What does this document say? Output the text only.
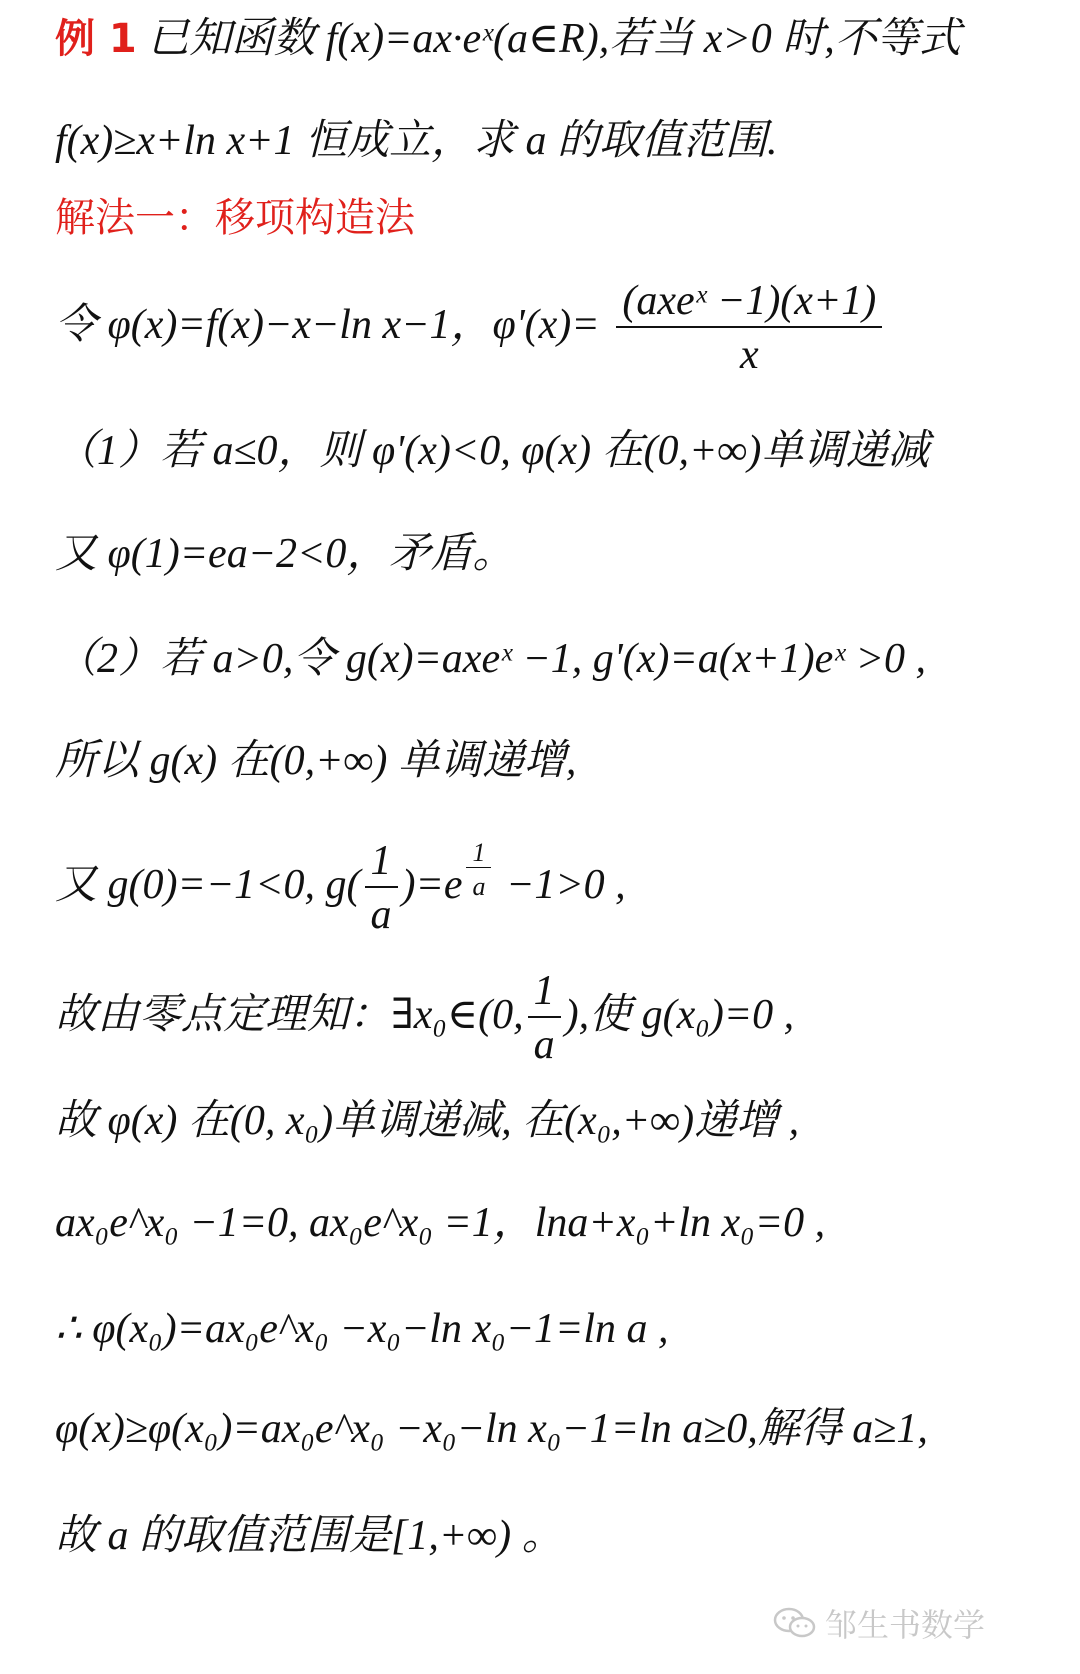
例 1 已知函数 f(x)=ax·eˣ(a∈R),若当 x>0 时,不等式
f(x)≥x+ln x+1 恒成立，求 a 的取值范围.
解法一：移项构造法
令 φ(x)=f(x)−x−ln x−1，$\varphi'(x)= \frac{\text{(axeˣ −1)(x+1)}}{x}$
（1）若 a≤0，则 φ'(x)<0, φ(x) 在(0,+∞)单调递减
又 φ(1)=ea−2<0，矛盾。
（2）若 a>0,令 g(x)=axeˣ −1, g'(x)=a(x+1)eˣ >0 ,
所以 g(x) 在(0,+∞) 单调递增,
又 g(0)=−1<0, $g( \frac{1}{a} )=e \frac{1}{a} -1>0$ ,
故由零点定理知：∃x₀∈(0, $\frac{1}{a}$ ),使 g(x₀)=0 ,
故 φ(x) 在(0, x₀)单调递减, 在(x₀,+∞)递增 ,
ax₀e^x₀ −1=0, ax₀e^x₀ =1，lna+x₀+ln x₀=0 ,
∴ φ(x₀)=ax₀e^x₀ −x₀−ln x₀−1=ln a ,
φ(x)≥φ(x₀)=ax₀e^x₀ −x₀−ln x₀−1=ln a≥0,解得 a≥1,
故 a 的取值范围是[1,+∞) 。
邹生书数学
